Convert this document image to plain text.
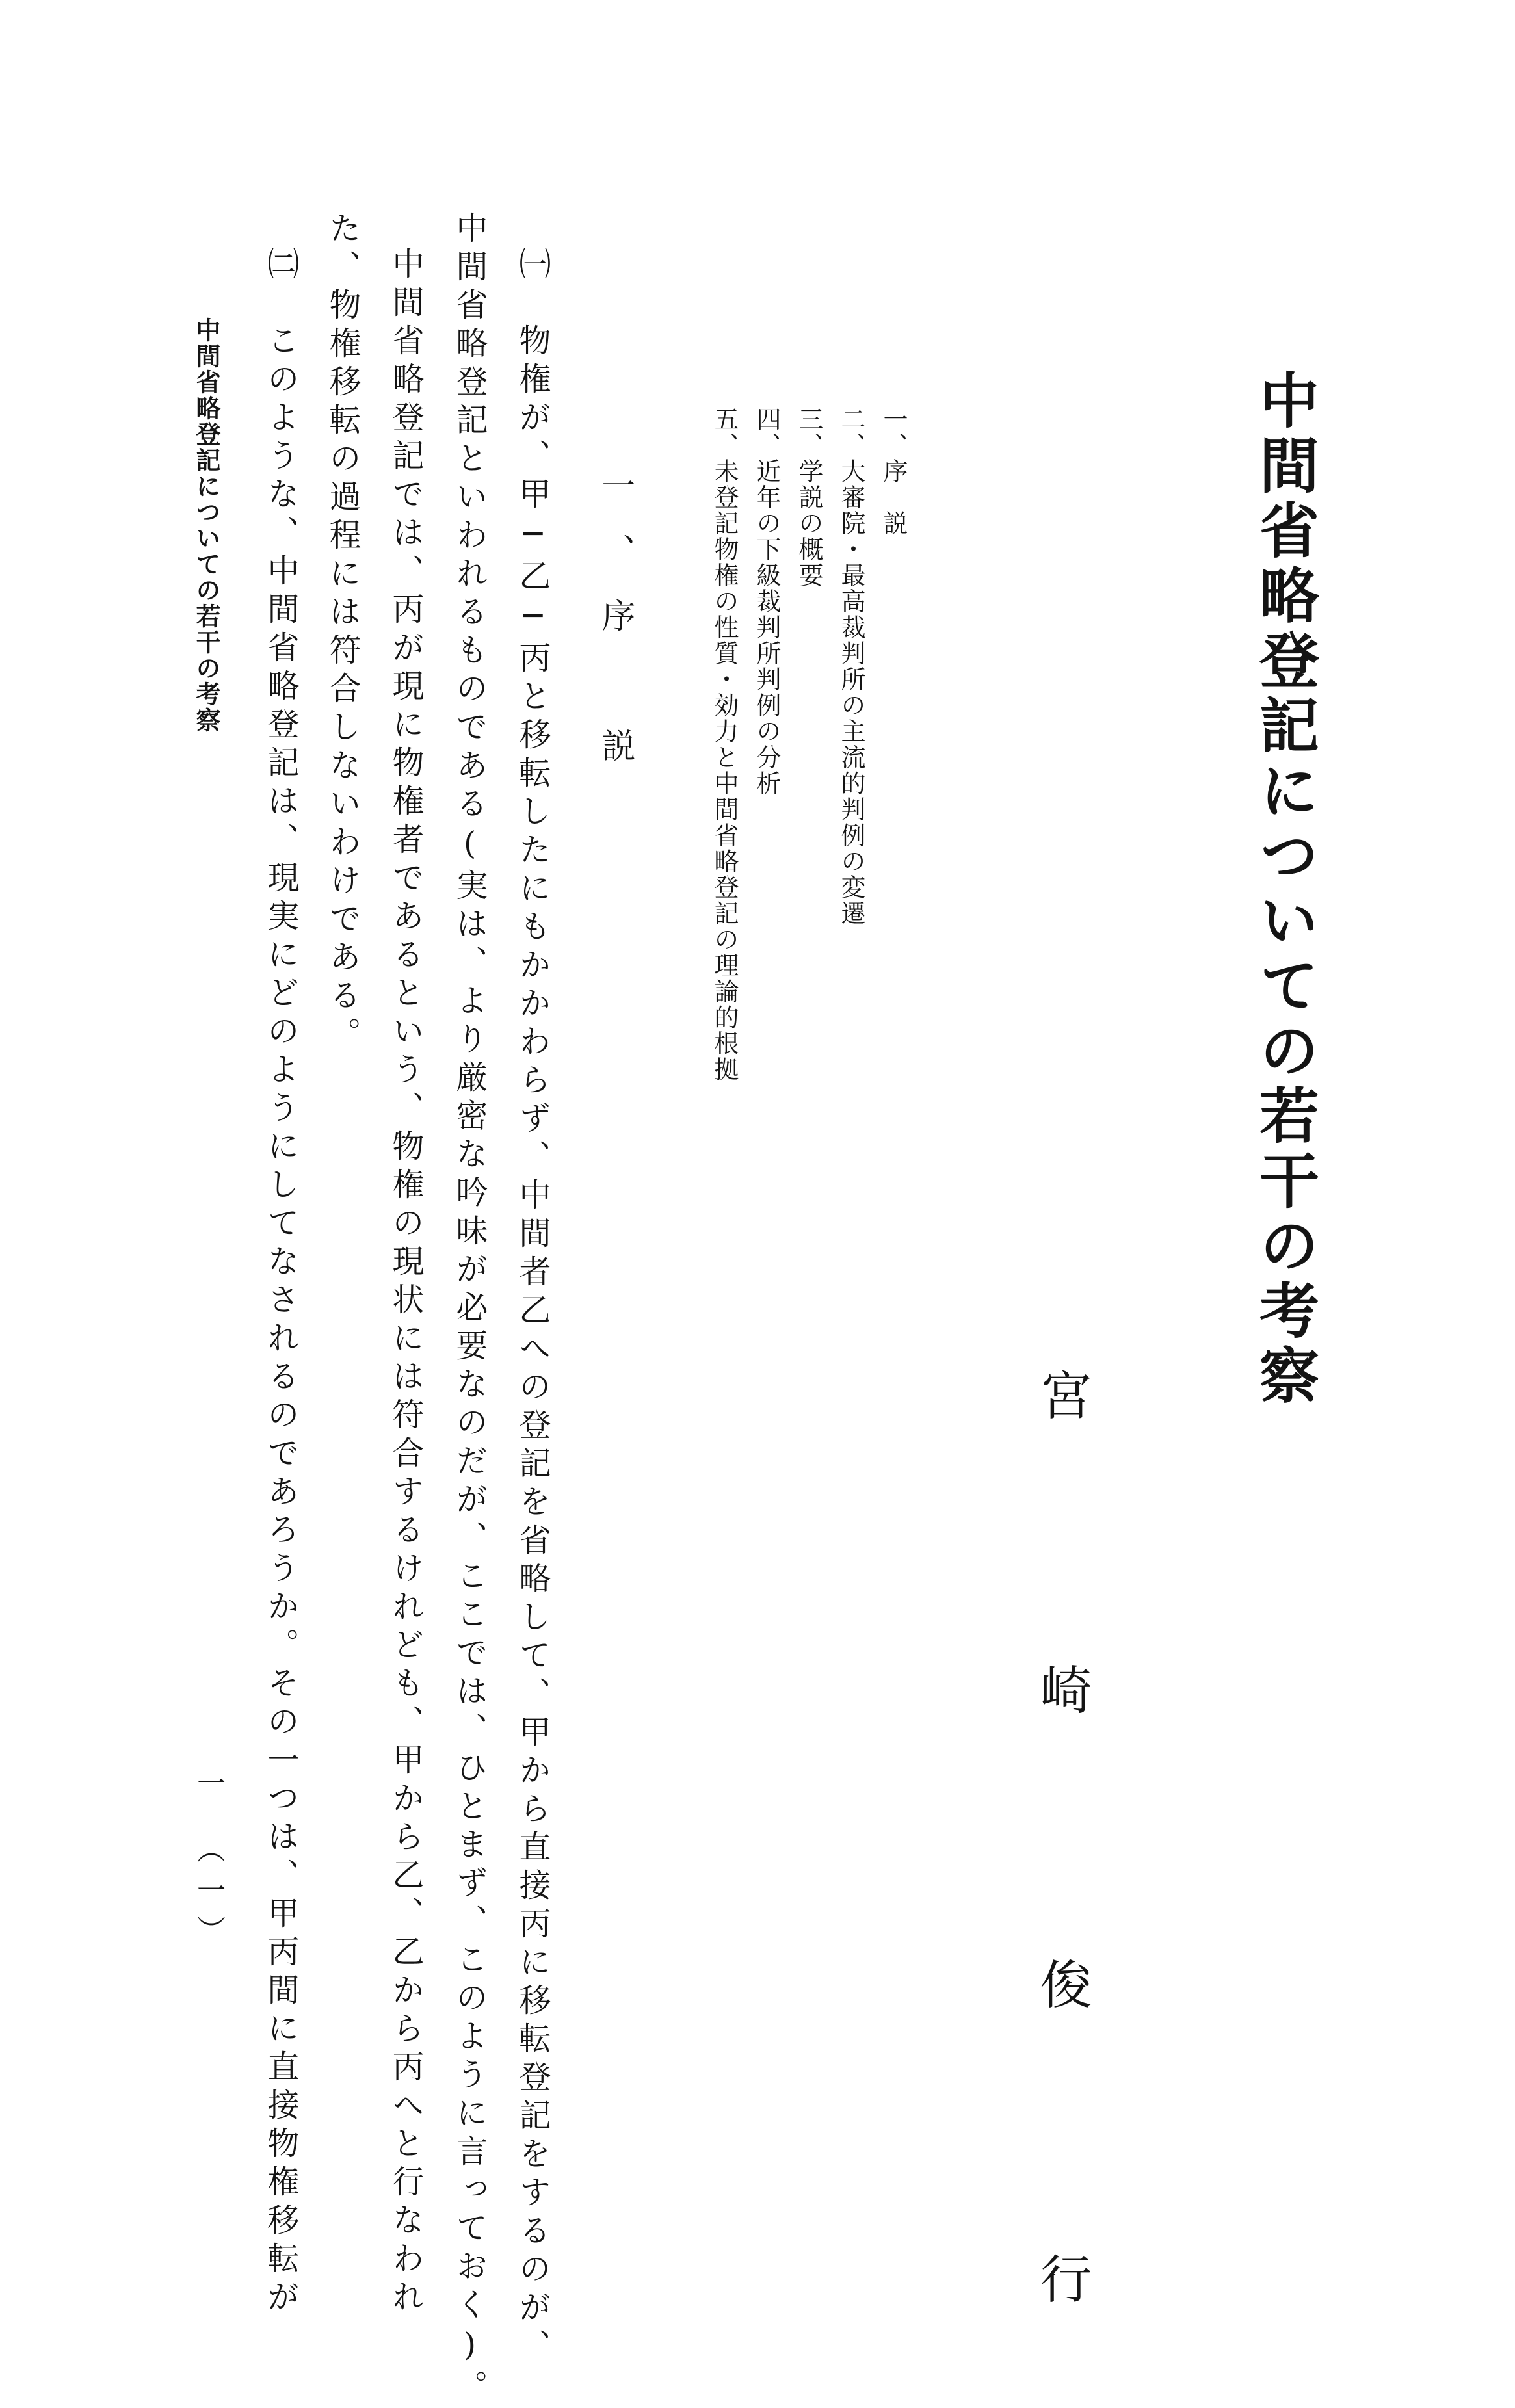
中間省略登記についての若干の考察
宮 崎 俊 行
一、序　説
二、大審院・最高裁判所の主流的判例の変遷
三、学説の概要
四、近年の下級裁判所判例の分析
五、未登記物権の性質・効力と中間省略登記の理論的根拠
一、序　説
㈠　物権が、甲─乙─丙と移転したにもかかわらず、中間者乙への登記を省略して、甲から直接丙に移転登記をするのが、
中間省略登記といわれるものである(実は、より厳密な吟味が必要なのだが、ここでは、ひとまず、このように言っておく)。
中間省略登記では、丙が現に物権者であるという、物権の現状には符合するけれども、甲から乙、乙から丙へと行なわれ
た、物権移転の過程には符合しないわけである。
㈡　このような、中間省略登記は、現実にどのようにしてなされるのであろうか。その一つは、甲丙間に直接物権移転が
中間省略登記についての若干の考察
一　（一）
